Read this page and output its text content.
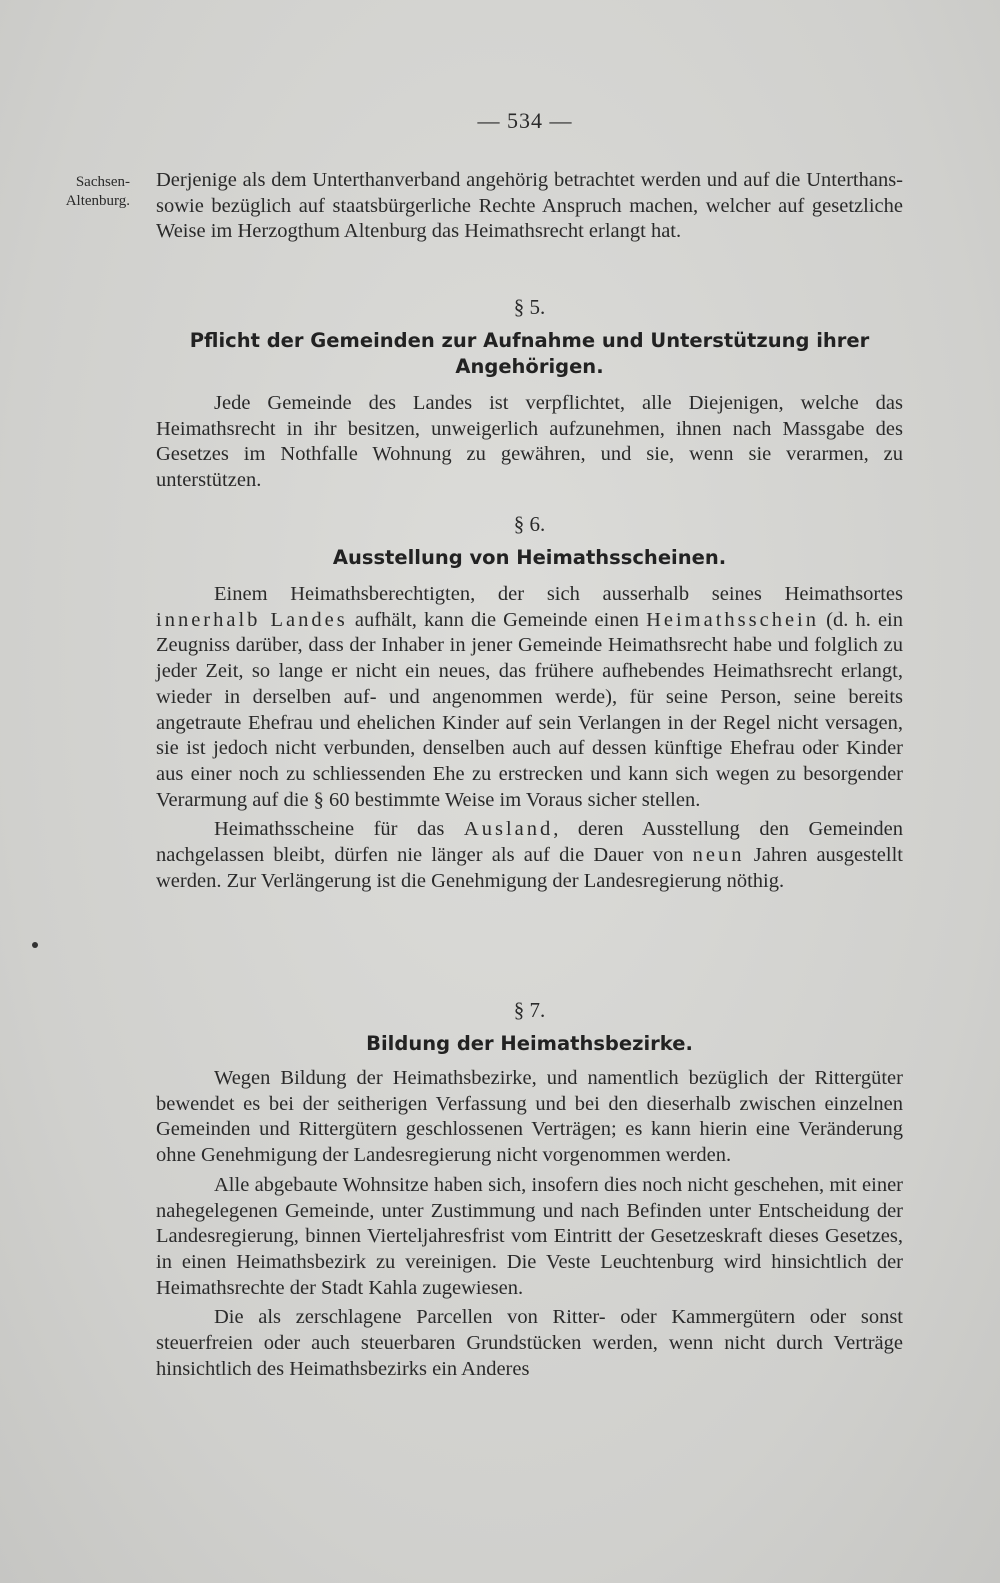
— 534 —
Sachsen-
Altenburg.

Derjenige als dem Unterthanverband angehörig betrachtet werden und auf die Unterthans- sowie bezüglich auf staatsbürgerliche Rechte Anspruch machen, welcher auf gesetzliche Weise im Herzogthum Altenburg das Heimathsrecht erlangt hat.

§ 5.
Pflicht der Gemeinden zur Aufnahme und Unterstützung ihrer
Angehörigen.

Jede Gemeinde des Landes ist verpflichtet, alle Diejenigen, welche das Heimathsrecht in ihr besitzen, unweigerlich aufzunehmen, ihnen nach Massgabe des Gesetzes im Nothfalle Wohnung zu gewähren, und sie, wenn sie verarmen, zu unterstützen.

§ 6.
Ausstellung von Heimathsscheinen.

Einem Heimathsberechtigten, der sich ausserhalb seines Heimathsortes innerhalb Landes aufhält, kann die Gemeinde einen Heimathsschein (d. h. ein Zeugniss darüber, dass der Inhaber in jener Gemeinde Heimathsrecht habe und folglich zu jeder Zeit, so lange er nicht ein neues, das frühere aufhebendes Heimathsrecht erlangt, wieder in derselben auf- und angenommen werde), für seine Person, seine bereits angetraute Ehefrau und ehelichen Kinder auf sein Verlangen in der Regel nicht versagen, sie ist jedoch nicht verbunden, denselben auch auf dessen künftige Ehefrau oder Kinder aus einer noch zu schliessenden Ehe zu erstrecken und kann sich wegen zu besorgender Verarmung auf die § 60 bestimmte Weise im Voraus sicher stellen.

Heimathsscheine für das Ausland, deren Ausstellung den Gemeinden nachgelassen bleibt, dürfen nie länger als auf die Dauer von neun Jahren ausgestellt werden. Zur Verlängerung ist die Genehmigung der Landesregierung nöthig.

§ 7.
Bildung der Heimathsbezirke.

Wegen Bildung der Heimathsbezirke, und namentlich bezüglich der Rittergüter bewendet es bei der seitherigen Verfassung und bei den dieserhalb zwischen einzelnen Gemeinden und Rittergütern geschlossenen Verträgen; es kann hierin eine Veränderung ohne Genehmigung der Landesregierung nicht vorgenommen werden.

Alle abgebaute Wohnsitze haben sich, insofern dies noch nicht geschehen, mit einer nahegelegenen Gemeinde, unter Zustimmung und nach Befinden unter Entscheidung der Landesregierung, binnen Vierteljahresfrist vom Eintritt der Gesetzeskraft dieses Gesetzes, in einen Heimathsbezirk zu vereinigen. Die Veste Leuchtenburg wird hinsichtlich der Heimathsrechte der Stadt Kahla zugewiesen.

Die als zerschlagene Parcellen von Ritter- oder Kammergütern oder sonst steuerfreien oder auch steuerbaren Grundstücken werden, wenn nicht durch Verträge hinsichtlich des Heimathsbezirks ein Anderes
